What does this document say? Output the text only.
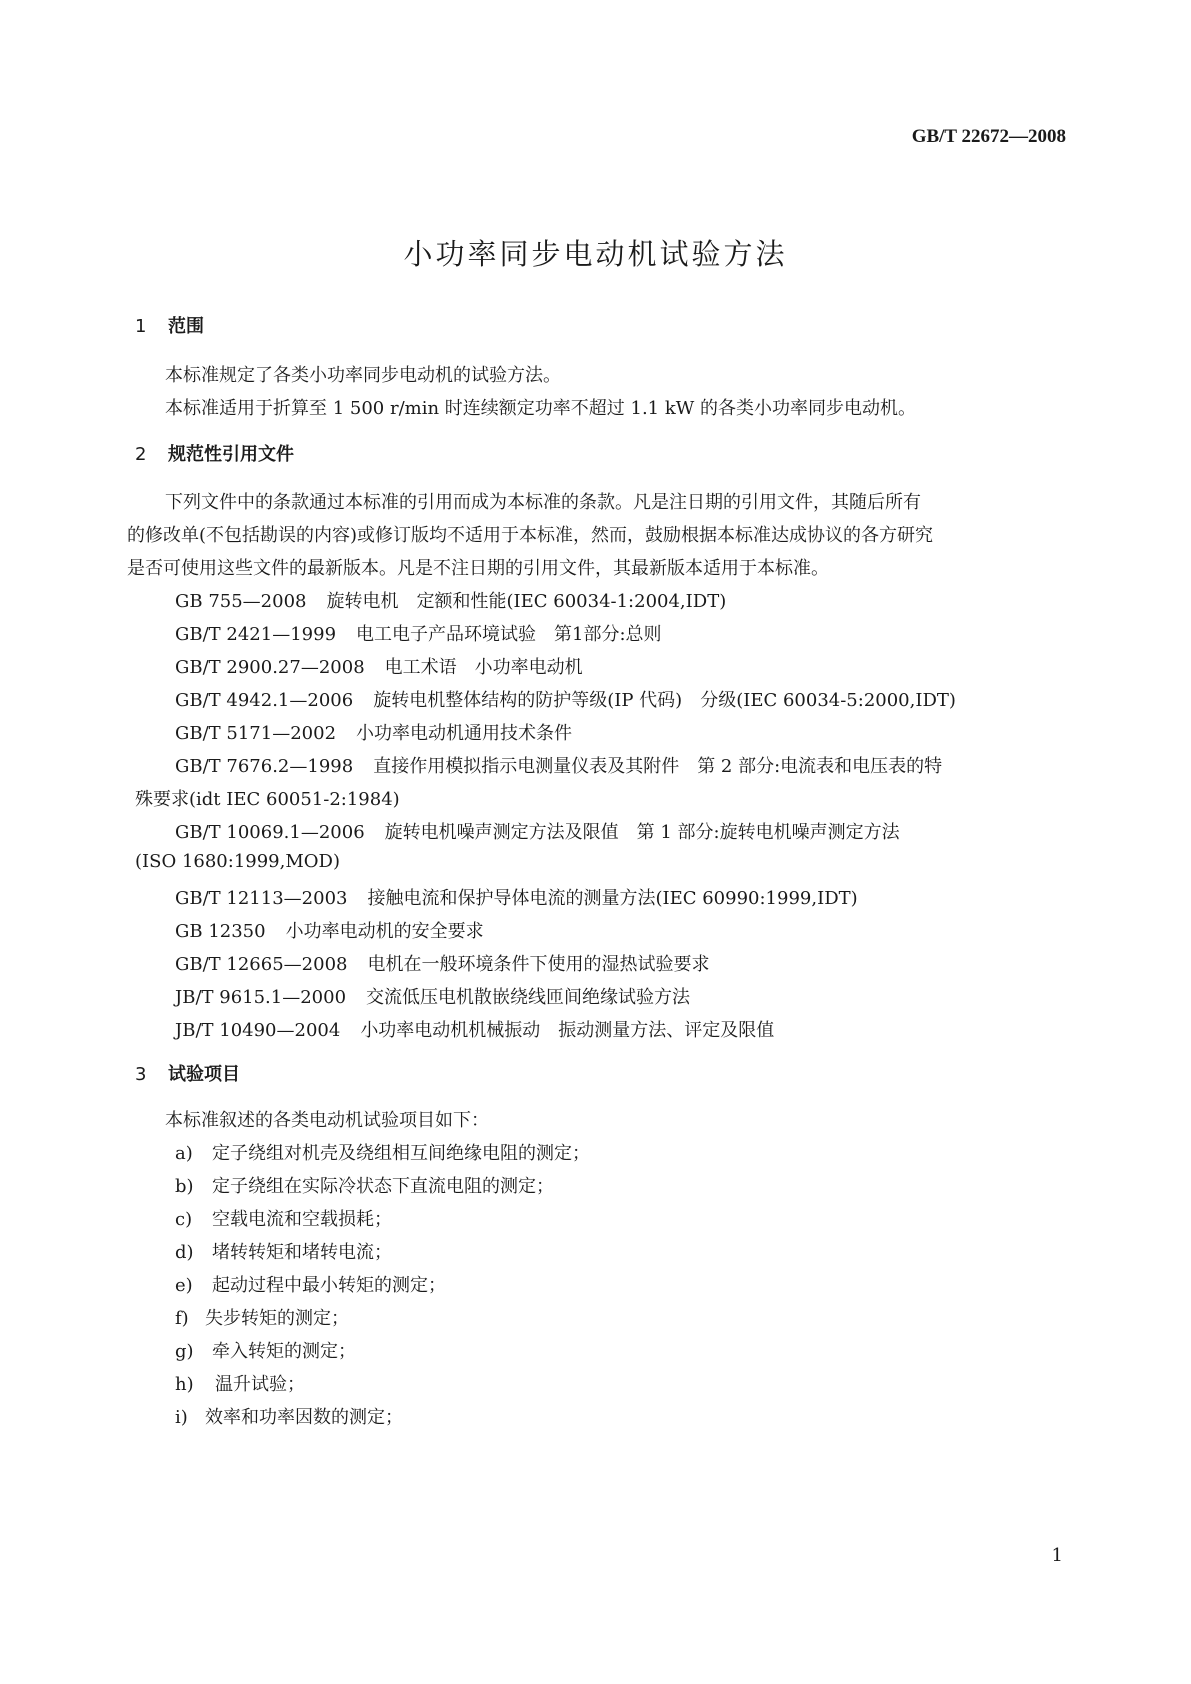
GB/T 22672—2008
小功率同步电动机试验方法
1 范围
本标准规定了各类小功率同步电动机的试验方法。
本标准适用于折算至 1 500 r/min 时连续额定功率不超过 1.1 kW 的各类小功率同步电动机。
2 规范性引用文件
下列文件中的条款通过本标准的引用而成为本标准的条款。凡是注日期的引用文件，其随后所有
的修改单(不包括勘误的内容)或修订版均不适用于本标准，然而，鼓励根据本标准达成协议的各方研究
是否可使用这些文件的最新版本。凡是不注日期的引用文件，其最新版本适用于本标准。
GB 755—2008 旋转电机　定额和性能(IEC 60034-1:2004,IDT)
GB/T 2421—1999 电工电子产品环境试验　第1部分:总则
GB/T 2900.27—2008 电工术语　小功率电动机
GB/T 4942.1—2006 旋转电机整体结构的防护等级(IP 代码)　分级(IEC 60034-5:2000,IDT)
GB/T 5171—2002 小功率电动机通用技术条件
GB/T 7676.2—1998 直接作用模拟指示电测量仪表及其附件　第 2 部分:电流表和电压表的特
殊要求(idt IEC 60051-2:1984)
GB/T 10069.1—2006 旋转电机噪声测定方法及限值　第 1 部分:旋转电机噪声测定方法
(ISO 1680:1999,MOD)
GB/T 12113—2003 接触电流和保护导体电流的测量方法(IEC 60990:1999,IDT)
GB 12350 小功率电动机的安全要求
GB/T 12665—2008 电机在一般环境条件下使用的湿热试验要求
JB/T 9615.1—2000 交流低压电机散嵌绕线匝间绝缘试验方法
JB/T 10490—2004 小功率电动机机械振动　振动测量方法、评定及限值
3 试验项目
本标准叙述的各类电动机试验项目如下：
a) 定子绕组对机壳及绕组相互间绝缘电阻的测定；
b) 定子绕组在实际冷状态下直流电阻的测定；
c) 空载电流和空载损耗；
d) 堵转转矩和堵转电流；
e) 起动过程中最小转矩的测定；
f) 失步转矩的测定；
g) 牵入转矩的测定；
h) 温升试验；
i) 效率和功率因数的测定；
1
